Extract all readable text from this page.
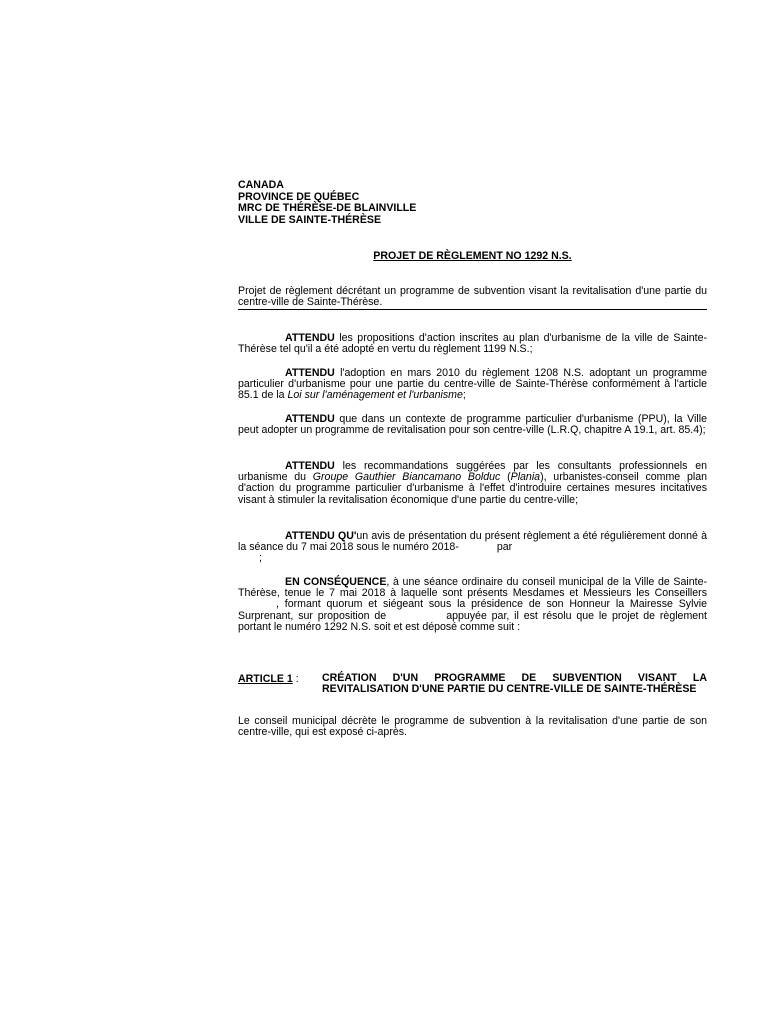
CANADA
PROVINCE DE QUÉBEC
MRC DE THÉRÈSE-DE BLAINVILLE
VILLE DE SAINTE-THÉRÈSE
PROJET DE RÈGLEMENT NO 1292 N.S.
Projet de règlement décrétant un programme de subvention visant la revitalisation d'une partie du centre-ville de Sainte-Thérèse.
ATTENDU les propositions d'action inscrites au plan d'urbanisme de la ville de Sainte-Thérèse tel qu'il a été adopté en vertu du règlement 1199 N.S.;
ATTENDU l'adoption en mars 2010 du règlement 1208 N.S. adoptant un programme particulier d'urbanisme pour une partie du centre-ville de Sainte-Thérèse conformément à l'article 85.1 de la Loi sur l'aménagement et l'urbanisme;
ATTENDU que dans un contexte de programme particulier d'urbanisme (PPU), la Ville peut adopter un programme de revitalisation pour son centre-ville (L.R.Q, chapitre A 19.1, art. 85.4);
ATTENDU les recommandations suggérées par les consultants professionnels en urbanisme du Groupe Gauthier Biancamano Bolduc (Plania), urbanistes-conseil comme plan d'action du programme particulier d'urbanisme à l'effet d'introduire certaines mesures incitatives visant à stimuler la revitalisation économique d'une partie du centre-ville;
ATTENDU QU'un avis de présentation du présent règlement a été régulièrement donné à la séance du 7 mai 2018 sous le numéro 2018-	par
;
EN CONSÉQUENCE, à une séance ordinaire du conseil municipal de la Ville de Sainte-Thérèse, tenue le 7 mai 2018 à laquelle sont présents Mesdames et Messieurs les Conseillers, formant quorum et siégeant sous la présidence de son Honneur la Mairesse Sylvie Surprenant, sur proposition de	appuyée par, il est résolu que le projet de règlement portant le numéro 1292 N.S. soit et est déposé comme suit :
ARTICLE 1 : CRÉATION D'UN PROGRAMME DE SUBVENTION VISANT LA REVITALISATION D'UNE PARTIE DU CENTRE-VILLE DE SAINTE-THÉRÈSE
Le conseil municipal décrète le programme de subvention à la revitalisation d'une partie de son centre-ville, qui est exposé ci-après.
